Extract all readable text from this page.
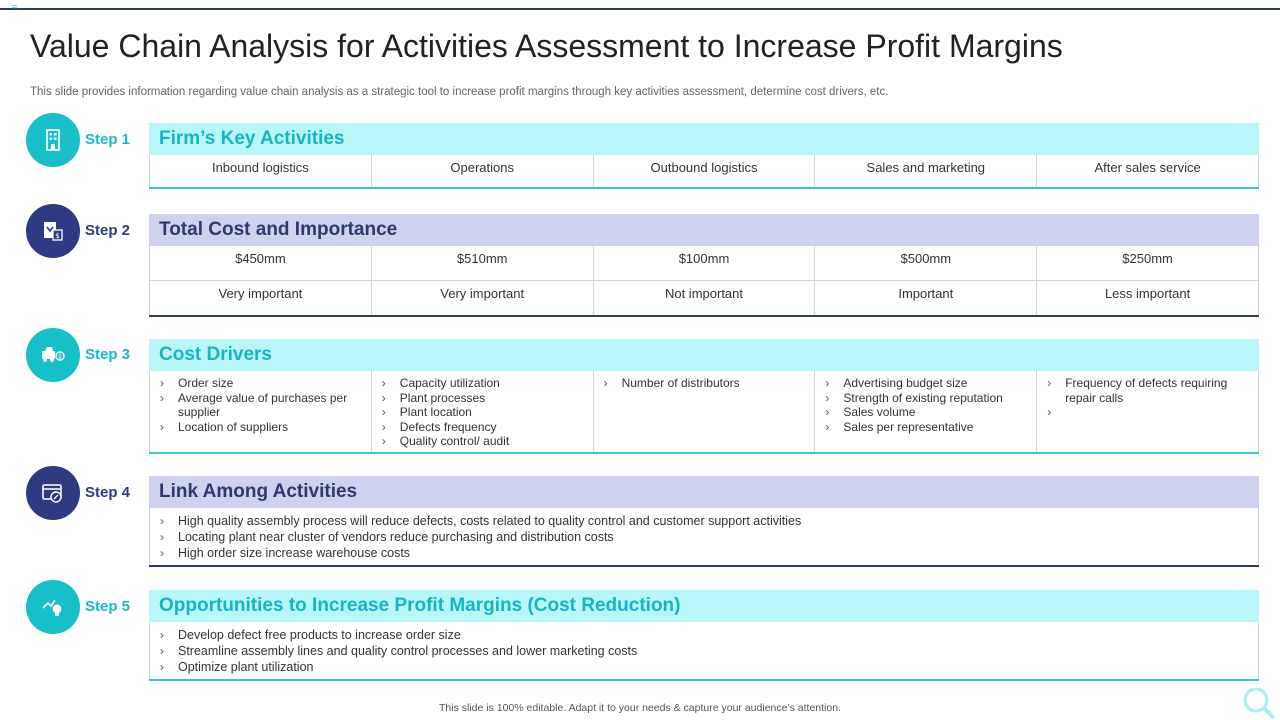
≈
Value Chain Analysis for Activities Assessment to Increase Profit Margins

This slide provides information regarding value chain analysis as a strategic tool to increase profit margins through key activities assessment, determine cost drivers, etc.

Step 1	Firm’s Key Activities
Inbound logistics	Operations	Outbound logistics	Sales and marketing	After sales service
$ Step 2	Total Cost and Importance
$450mm	$510mm	$100mm	$500mm	$250mm
Very important	Very important	Not important	Important	Less important
$ Step 3	Cost Drivers
› Order size
› Average value of purchases per supplier
› Location of suppliers
› Capacity utilization
› Plant processes
› Plant location
› Defects frequency
› Quality control/ audit
› Number of distributors
›	Advertising budget size
› Strength of existing reputation
› Sales volume
› Sales per representative
› Frequency of defects requiring repair calls
›
Step 4	Link Among Activities
› High quality assembly process will reduce defects, costs related to quality control and customer support activities
› Locating plant near cluster of vendors reduce purchasing and distribution costs
› High order size increase warehouse costs
Step 5	Opportunities to Increase Profit Margins (Cost Reduction)
› Develop defect free products to increase order size
› Streamline assembly lines and quality control processes and lower marketing costs
› Optimize plant utilization
This slide is 100% editable. Adapt it to your needs & capture your audience’s attention.
